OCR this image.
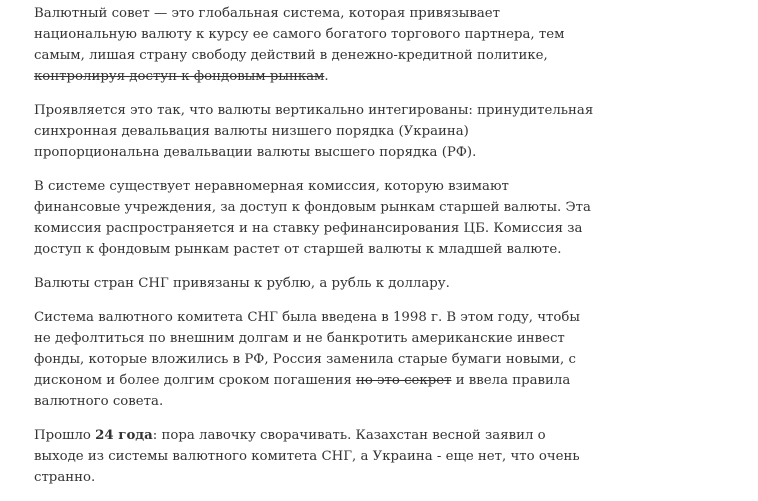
Валютный совет — это глобальная система, которая привязывает национальную валюту к курсу ее самого богатого торгового партнера, тем самым, лишая страну свободу действий в денежно-кредитной политике, контролируя доступ к фондовым рынкам.

Проявляется это так, что валюты вертикально интегированы: принудительная синхронная девальвация валюты низшего порядка (Украина) пропорциональна девальвации валюты высшего порядка (РФ).

В системе существует неравномерная комиссия, которую взимают финансовые учреждения, за доступ к фондовым рынкам старшей валюты. Эта комиссия распространяется и на ставку рефинансирования ЦБ. Комиссия за доступ к фондовым рынкам растет от старшей валюты к младшей валюте.

Валюты стран СНГ привязаны к рублю, а рубль к доллару.

Система валютного комитета СНГ была введена в 1998 г. В этом году, чтобы не дефолтиться по внешним долгам и не банкротить американские инвест фонды, которые вложились в РФ, Россия заменила старые бумаги новыми, с дисконом и более долгим сроком погашения но это секрет и ввела правила валютного совета.

Прошло 24 года: пора лавочку сворачивать. Казахстан весной заявил о выходе из системы валютного комитета СНГ, а Украина - еще нет, что очень странно.
